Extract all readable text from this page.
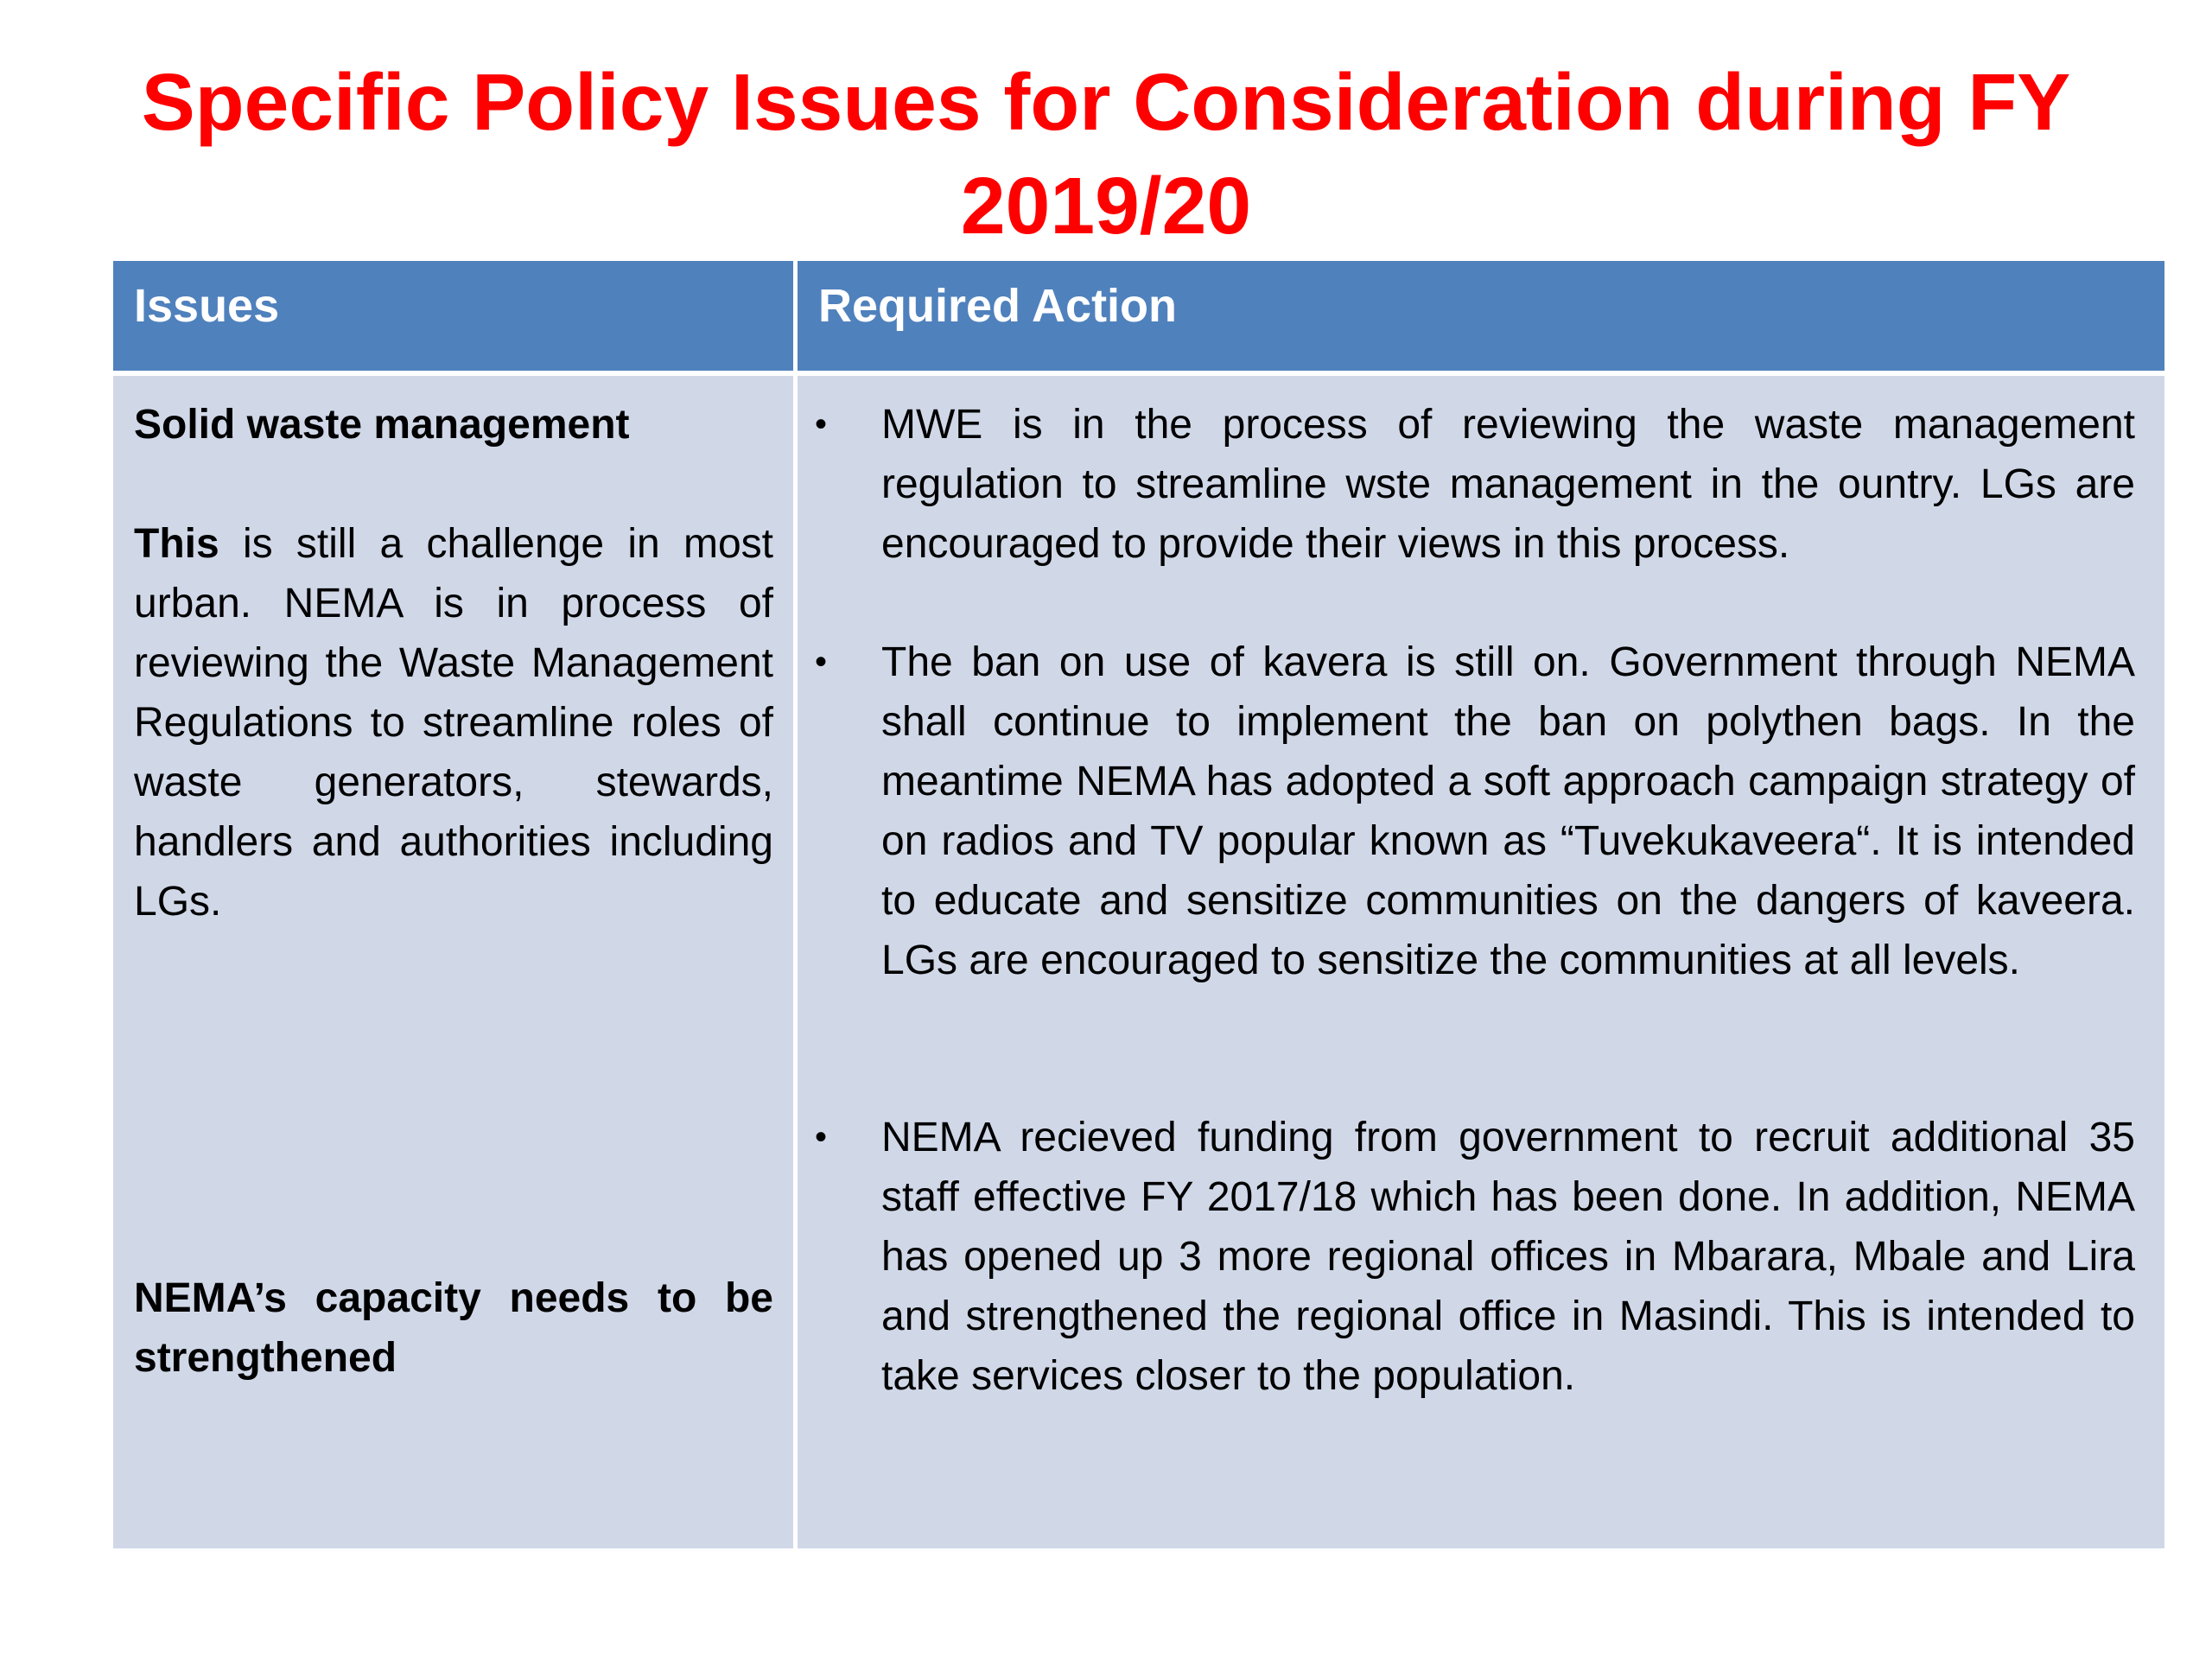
Specific Policy Issues for Consideration during FY 2019/20
Issues	Required Action
Solid waste management
This is still a challenge in most urban. NEMA is in process of reviewing the Waste Management Regulations to streamline roles of waste generators, stewards, handlers and authorities including LGs.
NEMA’s capacity needs to be strengthened
• MWE is in the process of reviewing the waste management regulation to streamline wste management in the ountry. LGs are encouraged to provide their views in this process.
• The ban on use of kavera is still on. Government through NEMA shall continue to implement the ban on polythen bags. In the meantime NEMA has adopted a soft approach campaign strategy of on radios and TV popular known as “Tuvekukaveera“. It is intended to educate and sensitize communities on the dangers of kaveera. LGs are encouraged to sensitize the communities at all levels.
• NEMA recieved funding from government to recruit additional 35 staff effective FY 2017/18 which has been done. In addition, NEMA has opened up 3 more regional offices in Mbarara, Mbale and Lira and strengthened the regional office in Masindi. This is intended to take services closer to the population.
